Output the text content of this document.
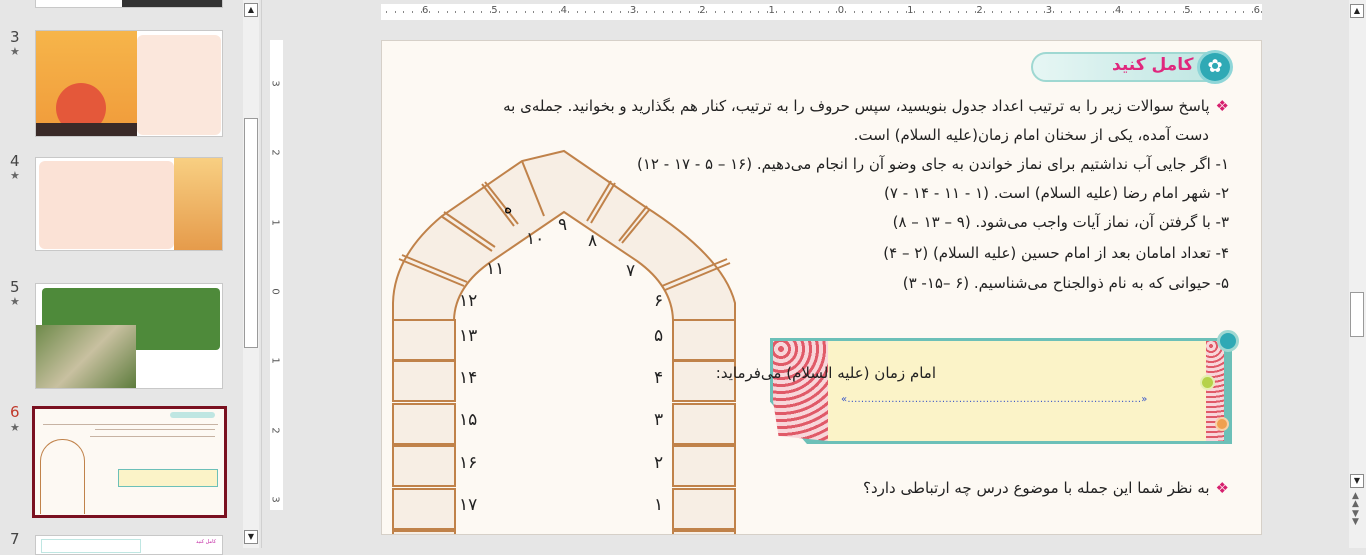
3
★
4
★
5
★
6
★
7	کامل کنید
▲
▼
6	5	4	3	2	1	0	1	2	3	4	5	6
3
2
1
0
1
2
3
▲
▼
▲
▲
▼
▼
کامل کنید ✿
❖پاسخ سوالات زیر را به ترتیب اعداد جدول بنویسید، سپس حروف را به ترتیب، کنار هم بگذارید و بخوانید. جمله‌ی به
دست آمده، یکی از سخنان امام زمان(علیه السلام) است.
۱- اگر جایی آب نداشتیم برای نماز خواندن به جای وضو آن را انجام می‌دهیم. (۱۶ – ۵ - ۱۷ - ۱۲)
۲- شهر امام رضا (علیه السلام) است. (۱ - ۱۱ - ۱۴ - ۷)
۳- با گرفتن آن، نماز آیات واجب می‌شود. (۹ – ۱۳ – ۸)
۴- تعداد امامان بعد از امام حسین (علیه السلام) (۲ – ۴)
۵- حیوانی که به نام ذوالجناح می‌شناسیم. (۶ –۱۵- ۳)
ه
۷
۸
۹
۱۰
۱۱
۱۲
۱۳
۱۴
۱۵
۱۶
۱۷
۶
۵
۴
۳
۲
۱
امام زمان (علیه السلام) می‌فرماید:
«.......................................................................................»
❖به نظر شما این جمله با موضوع درس چه ارتباطی دارد؟
